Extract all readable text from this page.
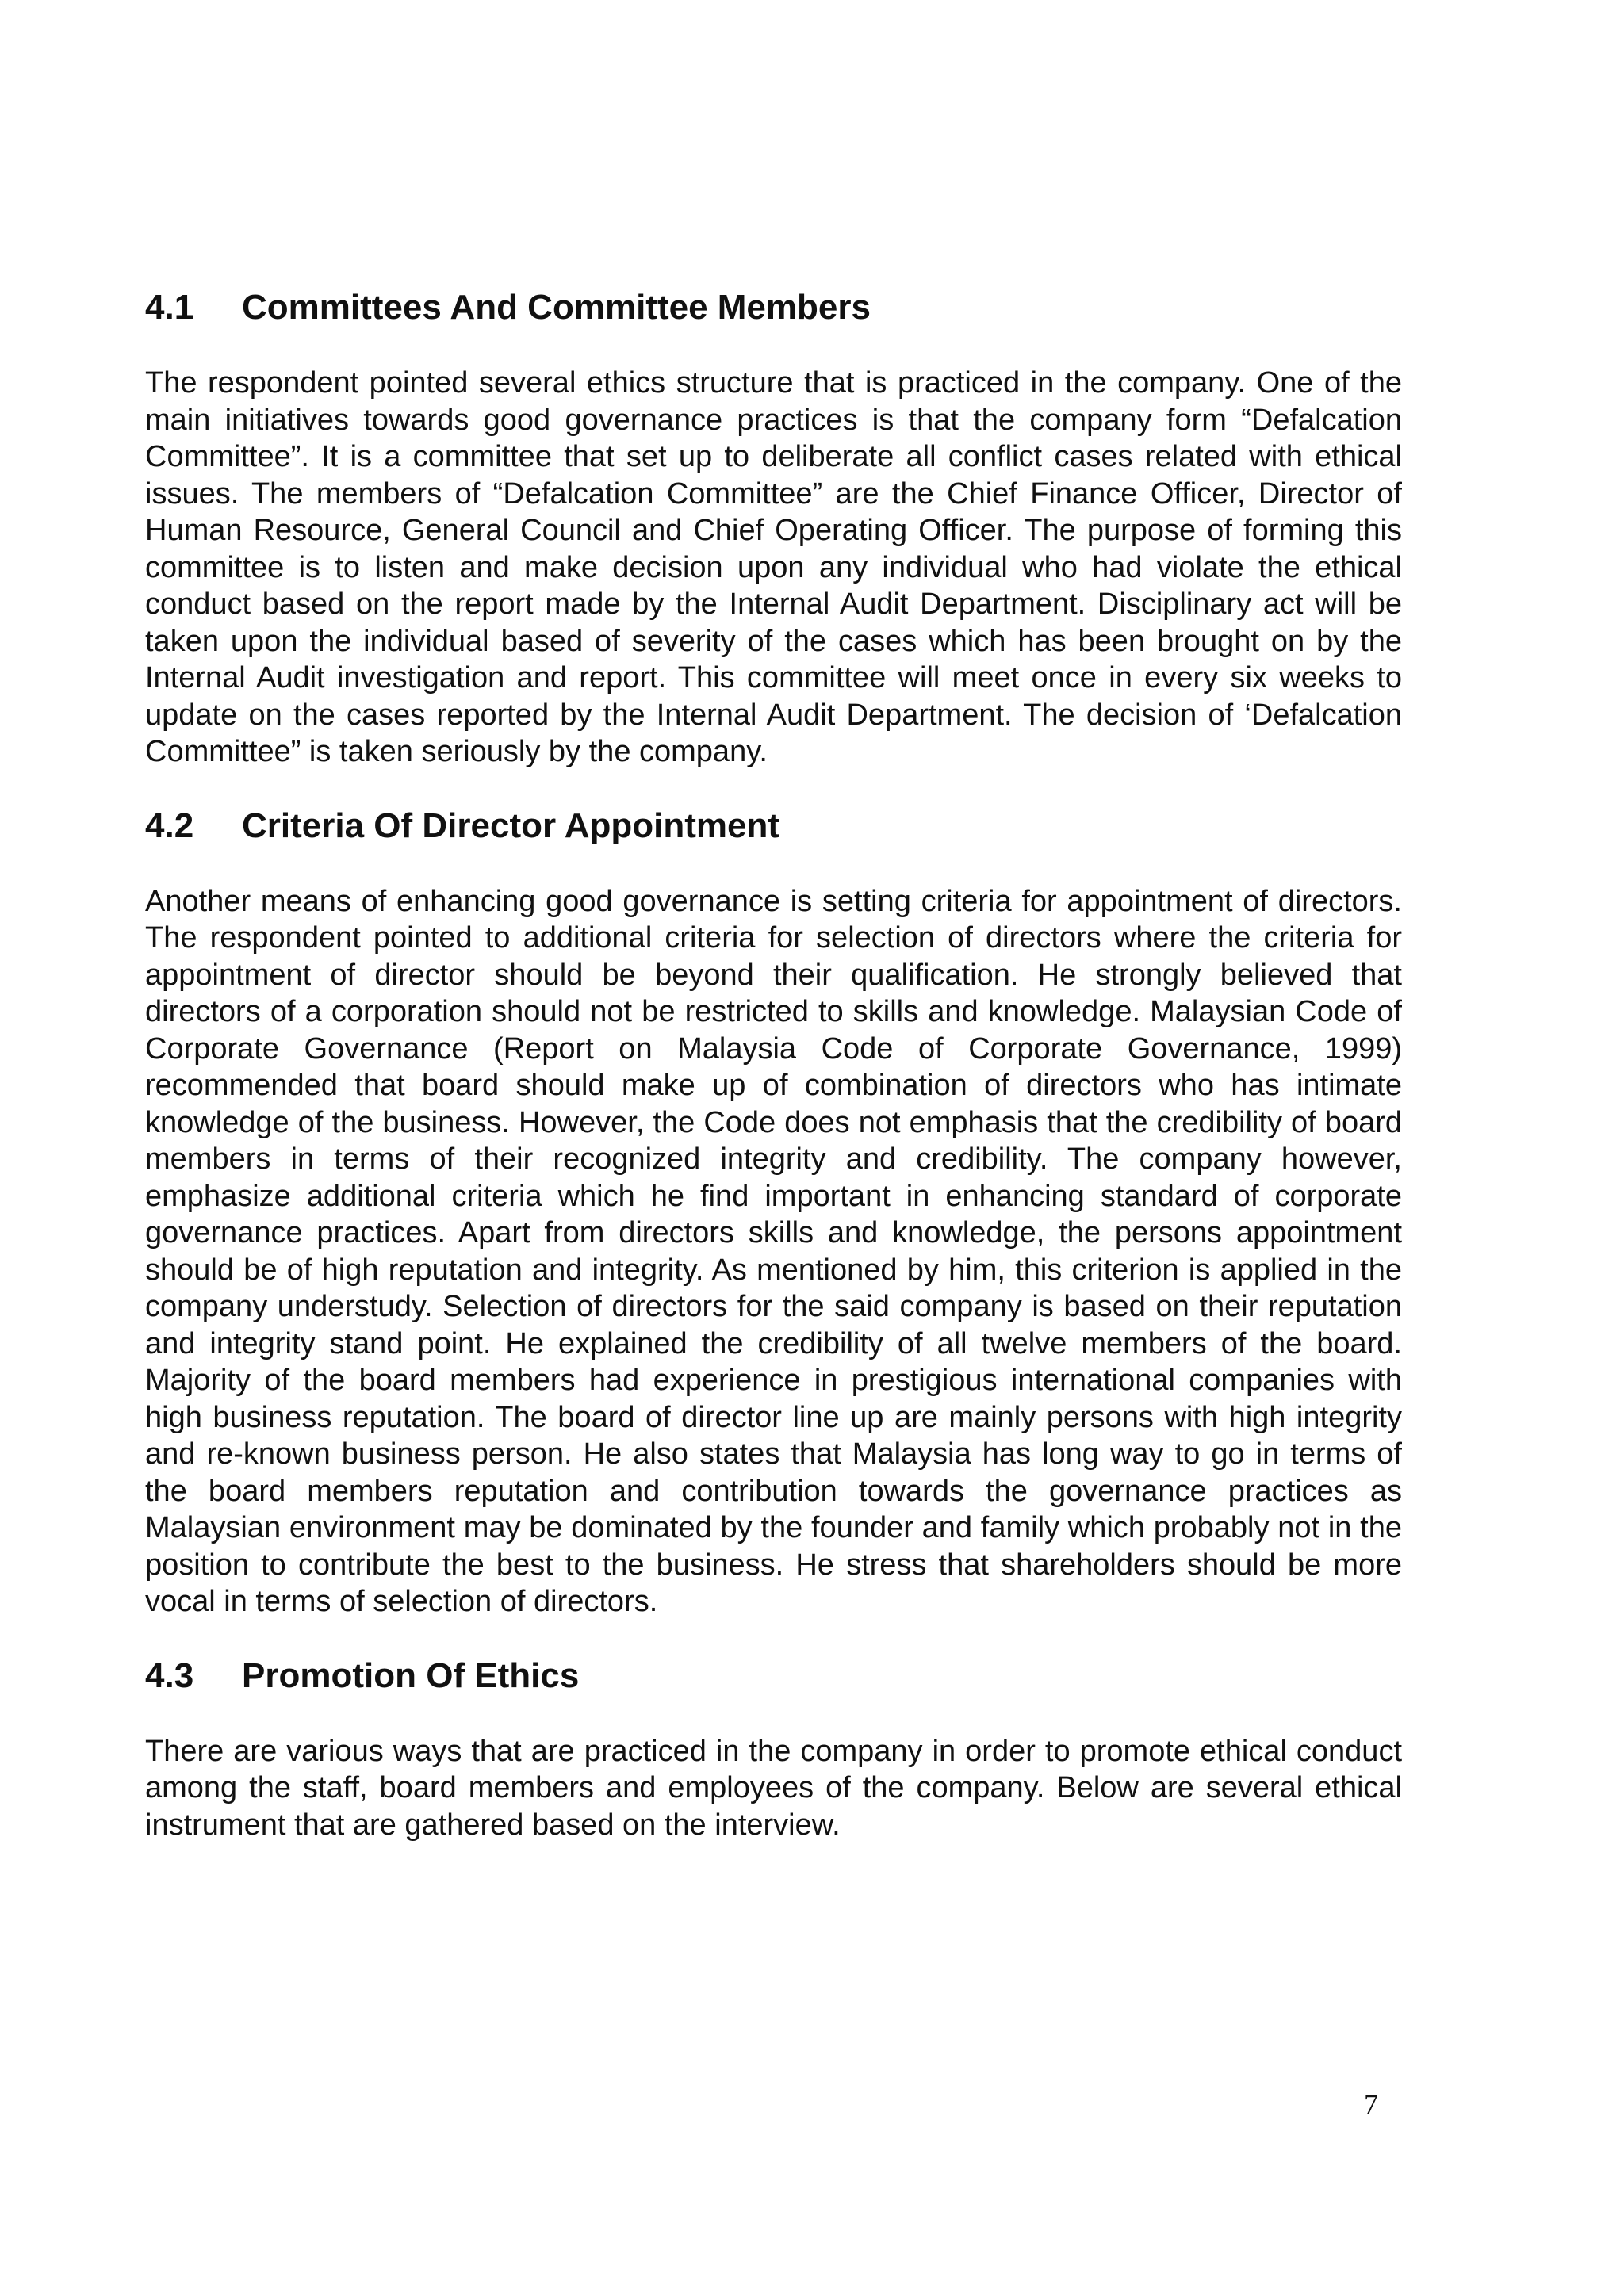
4.1	Committees And Committee Members

The respondent pointed several ethics structure that is practiced in the company. One of the main initiatives towards good governance practices is that the company form “Defalcation Committee”. It is a committee that set up to deliberate all conflict cases related with ethical issues. The members of “Defalcation Committee” are the Chief Finance Officer, Director of Human Resource, General Council and Chief Operating Officer. The purpose of forming this committee is to listen and make decision upon any individual who had violate the ethical conduct based on the report made by the Internal Audit Department. Disciplinary act will be taken upon the individual based of severity of the cases which has been brought on by the Internal Audit investigation and report. This committee will meet once in every six weeks to update on the cases reported by the Internal Audit Department. The decision of ‘Defalcation Committee” is taken seriously by the company.

4.2	Criteria Of Director Appointment

Another means of enhancing good governance is setting criteria for appointment of directors. The respondent pointed to additional criteria for selection of directors where the criteria for appointment of director should be beyond their qualification. He strongly believed that directors of a corporation should not be restricted to skills and knowledge. Malaysian Code of Corporate Governance (Report on Malaysia Code of Corporate Governance, 1999) recommended that board should make up of combination of directors who has intimate knowledge of the business. However, the Code does not emphasis that the credibility of board members in terms of their recognized integrity and credibility. The company however, emphasize additional criteria which he find important in enhancing standard of corporate governance practices. Apart from directors skills and knowledge, the persons appointment should be of high reputation and integrity. As mentioned by him, this criterion is applied in the company understudy. Selection of directors for the said company is based on their reputation and integrity stand point. He explained the credibility of all twelve members of the board. Majority of the board members had experience in prestigious international companies with high business reputation. The board of director line up are mainly persons with high integrity and re-known business person. He also states that Malaysia has long way to go in terms of the board members reputation and contribution towards the governance practices as Malaysian environment may be dominated by the founder and family which probably not in the position to contribute the best to the business. He stress that shareholders should be more vocal in terms of selection of directors.

4.3	Promotion Of Ethics

There are various ways that are practiced in the company in order to promote ethical conduct among the staff, board members and employees of the company. Below are several ethical instrument that are gathered based on the interview.

7
